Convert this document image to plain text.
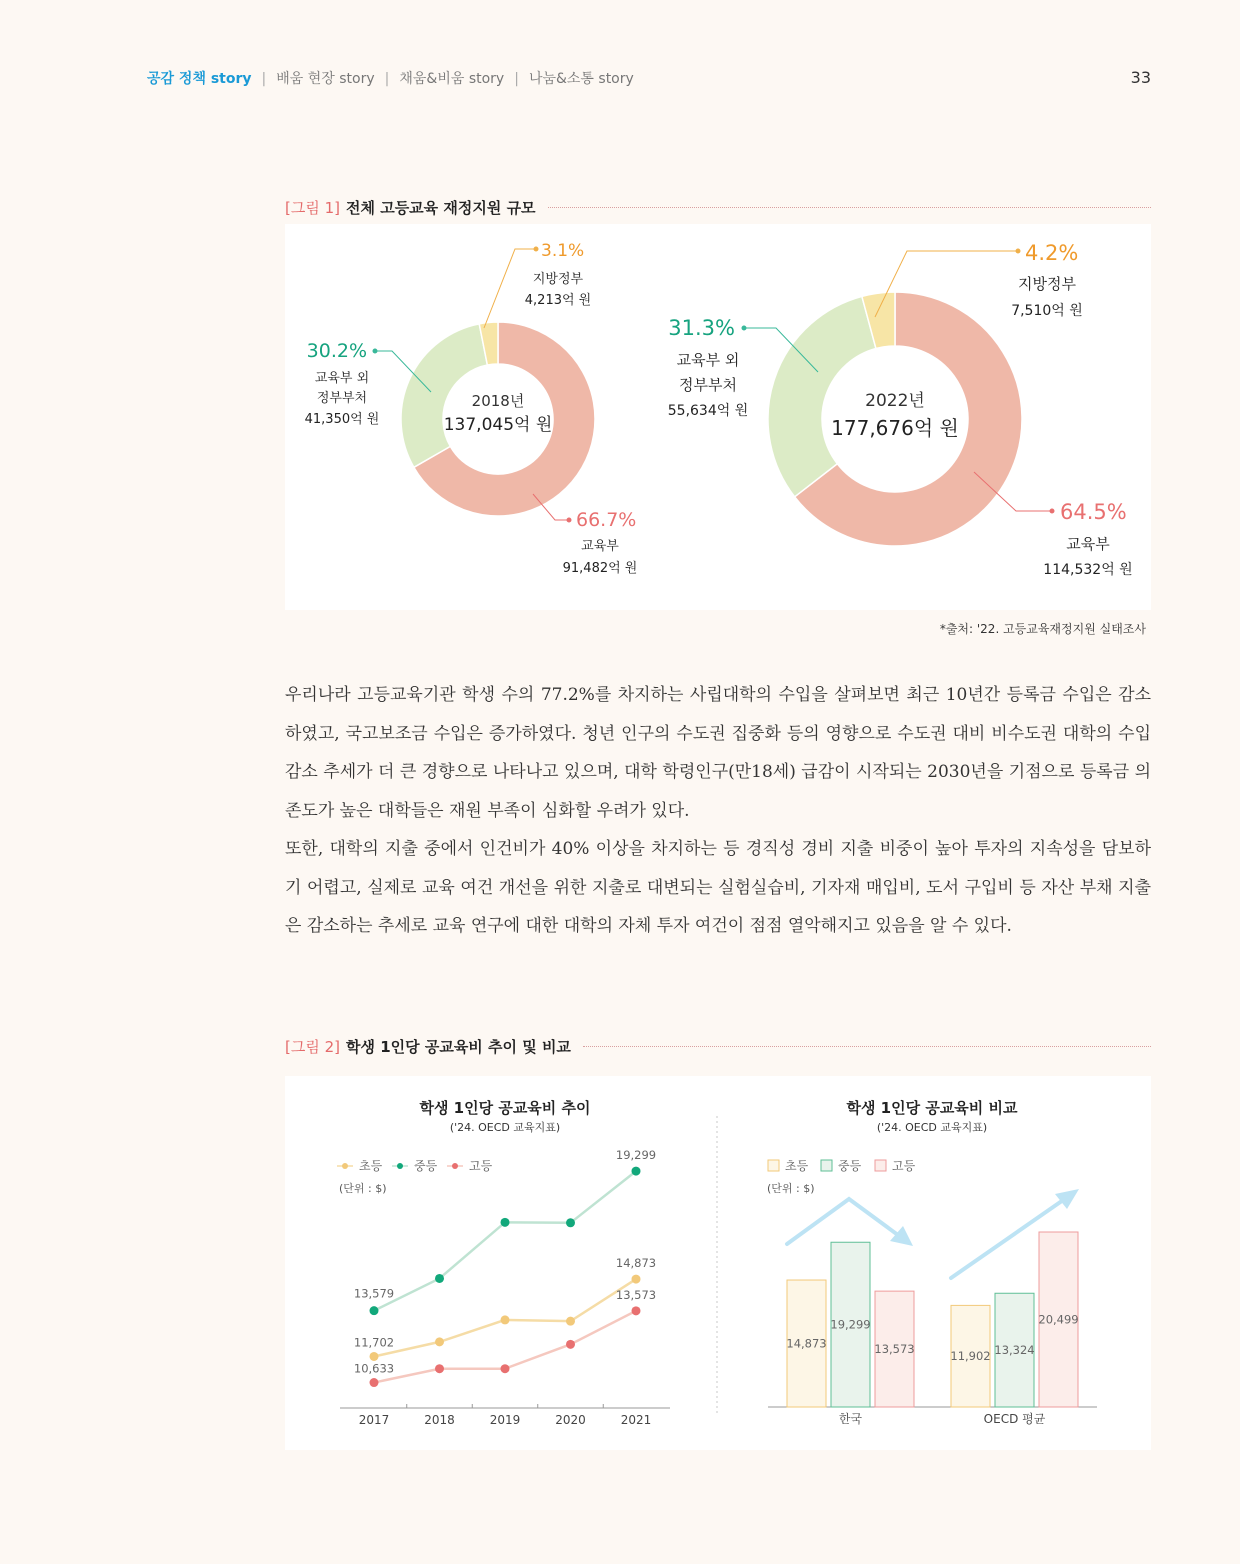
공감 정책 story | 배움 현장 story | 채움&비움 story | 나눔&소통 story	33
[그림 1] 전체 고등교육 재정지원 규모
2018년
137,045억 원
30.2%
교육부 외
정부부처
41,350억 원
3.1%
지방정부
4,213억 원
66.7%
교육부
91,482억 원
2022년
177,676억 원
31.3%
교육부 외
정부부처
55,634억 원
4.2%
지방정부
7,510억 원
64.5%
교육부
114,532억 원
*출처: '22. 고등교육재정지원 실태조사

우리나라 고등교육기관 학생 수의 77.2%를 차지하는 사립대학의 수입을 살펴보면 최근 10년간 등록금 수입은 감소하였고, 국고보조금 수입은 증가하였다. 청년 인구의 수도권 집중화 등의 영향으로 수도권 대비 비수도권 대학의 수입 감소 추세가 더 큰 경향으로 나타나고 있으며, 대학 학령인구(만18세) 급감이 시작되는 2030년을 기점으로 등록금 의존도가 높은 대학들은 재원 부족이 심화할 우려가 있다.

또한, 대학의 지출 중에서 인건비가 40% 이상을 차지하는 등 경직성 경비 지출 비중이 높아 투자의 지속성을 담보하기 어렵고, 실제로 교육 여건 개선을 위한 지출로 대변되는 실험실습비, 기자재 매입비, 도서 구입비 등 자산 부채 지출은 감소하는 추세로 교육 연구에 대한 대학의 자체 투자 여건이 점점 열악해지고 있음을 알 수 있다.

[그림 2] 학생 1인당 공교육비 추이 및 비교
학생 1인당 공교육비 추이
('24. OECD 교육지표)
초등	중등	고등
(단위 : $)
2017	2018	2019	2020	2021
11,702
14,873
13,579
19,299
10,633
13,573
학생 1인당 공교육비 비교
('24. OECD 교육지표)
초등 중등	고등
(단위 : $)
14,873
19,299
13,573
한국
11,902 13,324
20,499
OECD 평균
